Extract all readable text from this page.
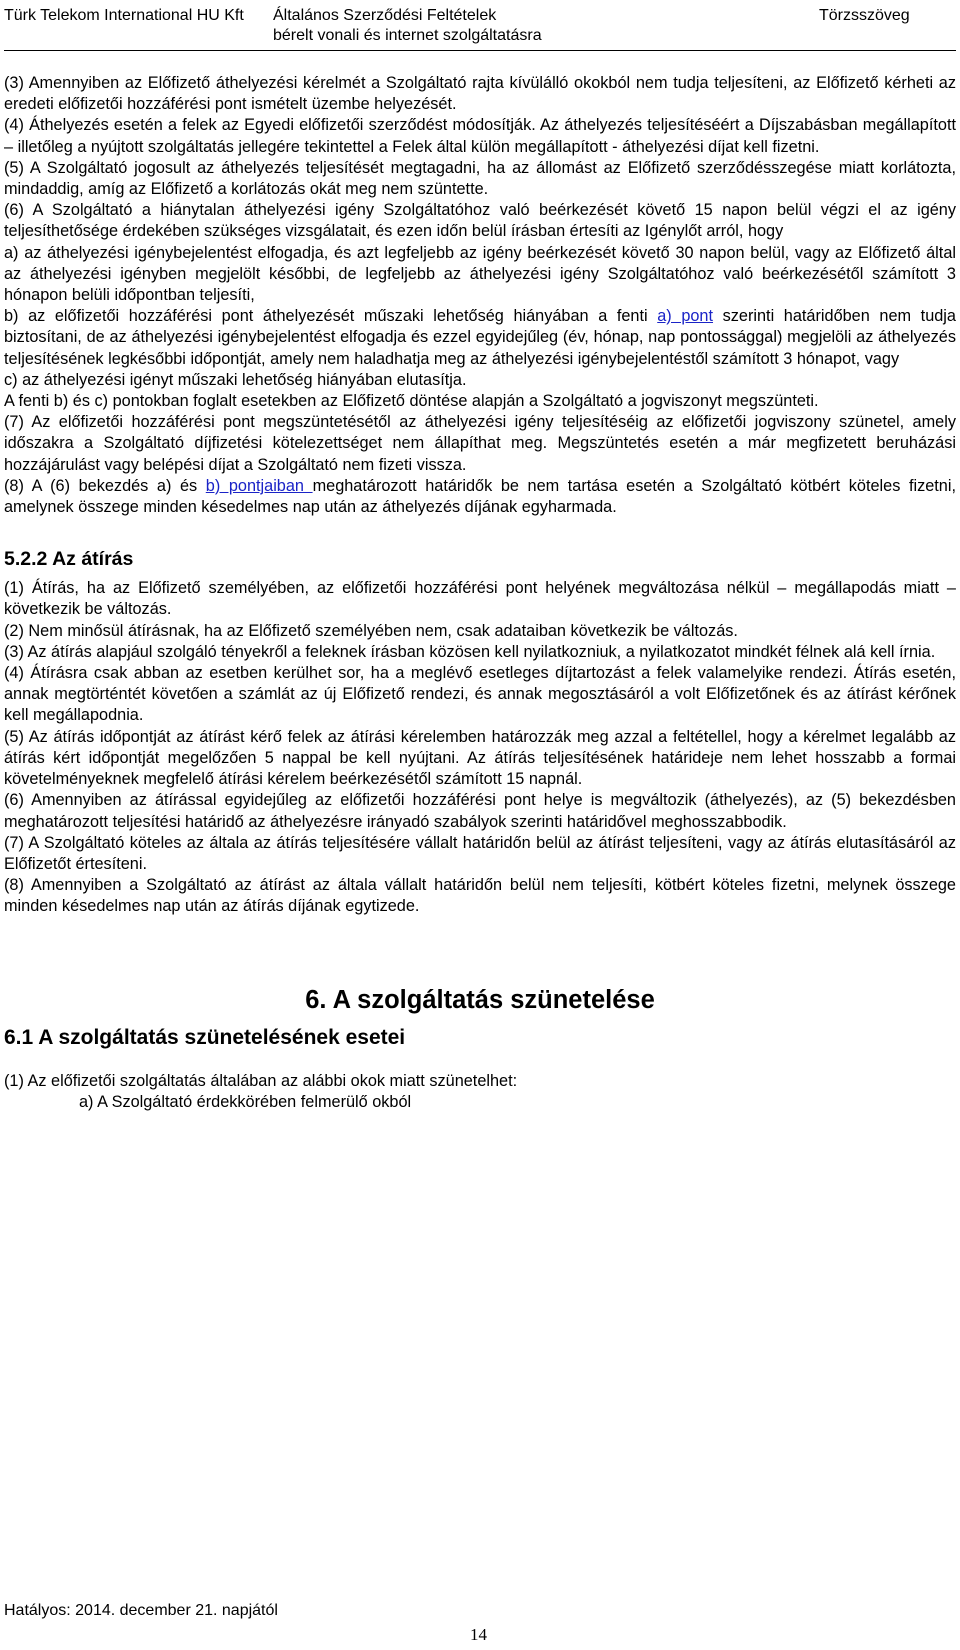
Türk Telekom International HU Kft Általános Szerződési Feltételek
bérelt vonali és internet szolgáltatásra
Törzsszöveg

(3) Amennyiben az Előfizető áthelyezési kérelmét a Szolgáltató rajta kívülálló okokból nem tudja teljesíteni, az Előfizető kérheti az eredeti előfizetői hozzáférési pont ismételt üzembe helyezését.

(4) Áthelyezés esetén a felek az Egyedi előfizetői szerződést módosítják. Az áthelyezés teljesítéséért a Díjszabásban megállapított – illetőleg a nyújtott szolgáltatás jellegére tekintettel a Felek által külön megállapított - áthelyezési díjat kell fizetni.

(5) A Szolgáltató jogosult az áthelyezés teljesítését megtagadni, ha az állomást az Előfizető szerződésszegése miatt korlátozta, mindaddig, amíg az Előfizető a korlátozás okát meg nem szüntette.

(6) A Szolgáltató a hiánytalan áthelyezési igény Szolgáltatóhoz való beérkezését követő 15 napon belül végzi el az igény teljesíthetősége érdekében szükséges vizsgálatait, és ezen időn belül írásban értesíti az Igénylőt arról, hogy

a) az áthelyezési igénybejelentést elfogadja, és azt legfeljebb az igény beérkezését követő 30 napon belül, vagy az Előfizető által az áthelyezési igényben megjelölt későbbi, de legfeljebb az áthelyezési igény Szolgáltatóhoz való beérkezésétől számított 3 hónapon belüli időpontban teljesíti,

b) az előfizetői hozzáférési pont áthelyezését műszaki lehetőség hiányában a fenti a) pont szerinti határidőben nem tudja biztosítani, de az áthelyezési igénybejelentést elfogadja és ezzel egyidejűleg (év, hónap, nap pontossággal) megjelöli az áthelyezés teljesítésének legkésőbbi időpontját, amely nem haladhatja meg az áthelyezési igénybejelentéstől számított 3 hónapot, vagy

c) az áthelyezési igényt műszaki lehetőség hiányában elutasítja.

A fenti b) és c) pontokban foglalt esetekben az Előfizető döntése alapján a Szolgáltató a jogviszonyt megszünteti.

(7) Az előfizetői hozzáférési pont megszüntetésétől az áthelyezési igény teljesítéséig az előfizetői jogviszony szünetel, amely időszakra a Szolgáltató díjfizetési kötelezettséget nem állapíthat meg. Megszüntetés esetén a már megfizetett beruházási hozzájárulást vagy belépési díjat a Szolgáltató nem fizeti vissza.

(8) A (6) bekezdés a) és b) pontjaiban meghatározott határidők be nem tartása esetén a Szolgáltató kötbért köteles fizetni, amelynek összege minden késedelmes nap után az áthelyezés díjának egyharmada.

5.2.2 Az átírás

(1) Átírás, ha az Előfizető személyében, az előfizetői hozzáférési pont helyének megváltozása nélkül – megállapodás miatt – következik be változás.

(2) Nem minősül átírásnak, ha az Előfizető személyében nem, csak adataiban következik be változás.

(3) Az átírás alapjául szolgáló tényekről a feleknek írásban közösen kell nyilatkozniuk, a nyilatkozatot mindkét félnek alá kell írnia.

(4) Átírásra csak abban az esetben kerülhet sor, ha a meglévő esetleges díjtartozást a felek valamelyike rendezi. Átírás esetén, annak megtörténtét követően a számlát az új Előfizető rendezi, és annak megosztásáról a volt Előfizetőnek és az átírást kérőnek kell megállapodnia.

(5) Az átírás időpontját az átírást kérő felek az átírási kérelemben határozzák meg azzal a feltétellel, hogy a kérelmet legalább az átírás kért időpontját megelőzően 5 nappal be kell nyújtani. Az átírás teljesítésének határideje nem lehet hosszabb a formai követelményeknek megfelelő átírási kérelem beérkezésétől számított 15 napnál.

(6) Amennyiben az átírással egyidejűleg az előfizetői hozzáférési pont helye is megváltozik (áthelyezés), az (5) bekezdésben meghatározott teljesítési határidő az áthelyezésre irányadó szabályok szerinti határidővel meghosszabbodik.

(7) A Szolgáltató köteles az általa az átírás teljesítésére vállalt határidőn belül az átírást teljesíteni, vagy az átírás elutasításáról az Előfizetőt értesíteni.

(8) Amennyiben a Szolgáltató az átírást az általa vállalt határidőn belül nem teljesíti, kötbért köteles fizetni, melynek összege minden késedelmes nap után az átírás díjának egytizede.

6. A szolgáltatás szünetelése
6.1 A szolgáltatás szünetelésének esetei

(1) Az előfizetői szolgáltatás általában az alábbi okok miatt szünetelhet:

a) A Szolgáltató érdekkörében felmerülő okból

Hatályos: 2014. december 21. napjától
14
